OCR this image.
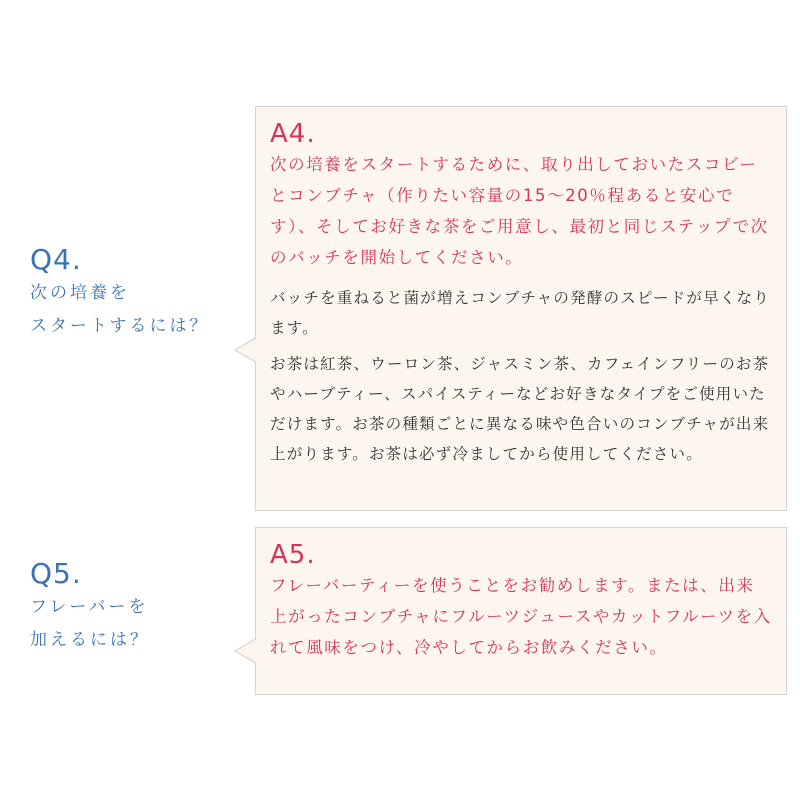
Q4.
次の培養を
スタートするには？
A4.
次の培養をスタートするために、取り出しておいたスコビーとコンブチャ（作りたい容量の15～20％程あると安心です）、そしてお好きな茶をご用意し、最初と同じステップで次のバッチを開始してください。
バッチを重ねると菌が増えコンブチャの発酵のスピードが早くなります。
お茶は紅茶、ウーロン茶、ジャスミン茶、カフェインフリーのお茶やハーブティー、スパイスティーなどお好きなタイプをご使用いただけます。お茶の種類ごとに異なる味や色合いのコンブチャが出来上がります。お茶は必ず冷ましてから使用してください。
Q5.
フレーバーを
加えるには？
A5.
フレーバーティーを使うことをお勧めします。または、出来上がったコンブチャにフルーツジュースやカットフルーツを入れて風味をつけ、冷やしてからお飲みください。
